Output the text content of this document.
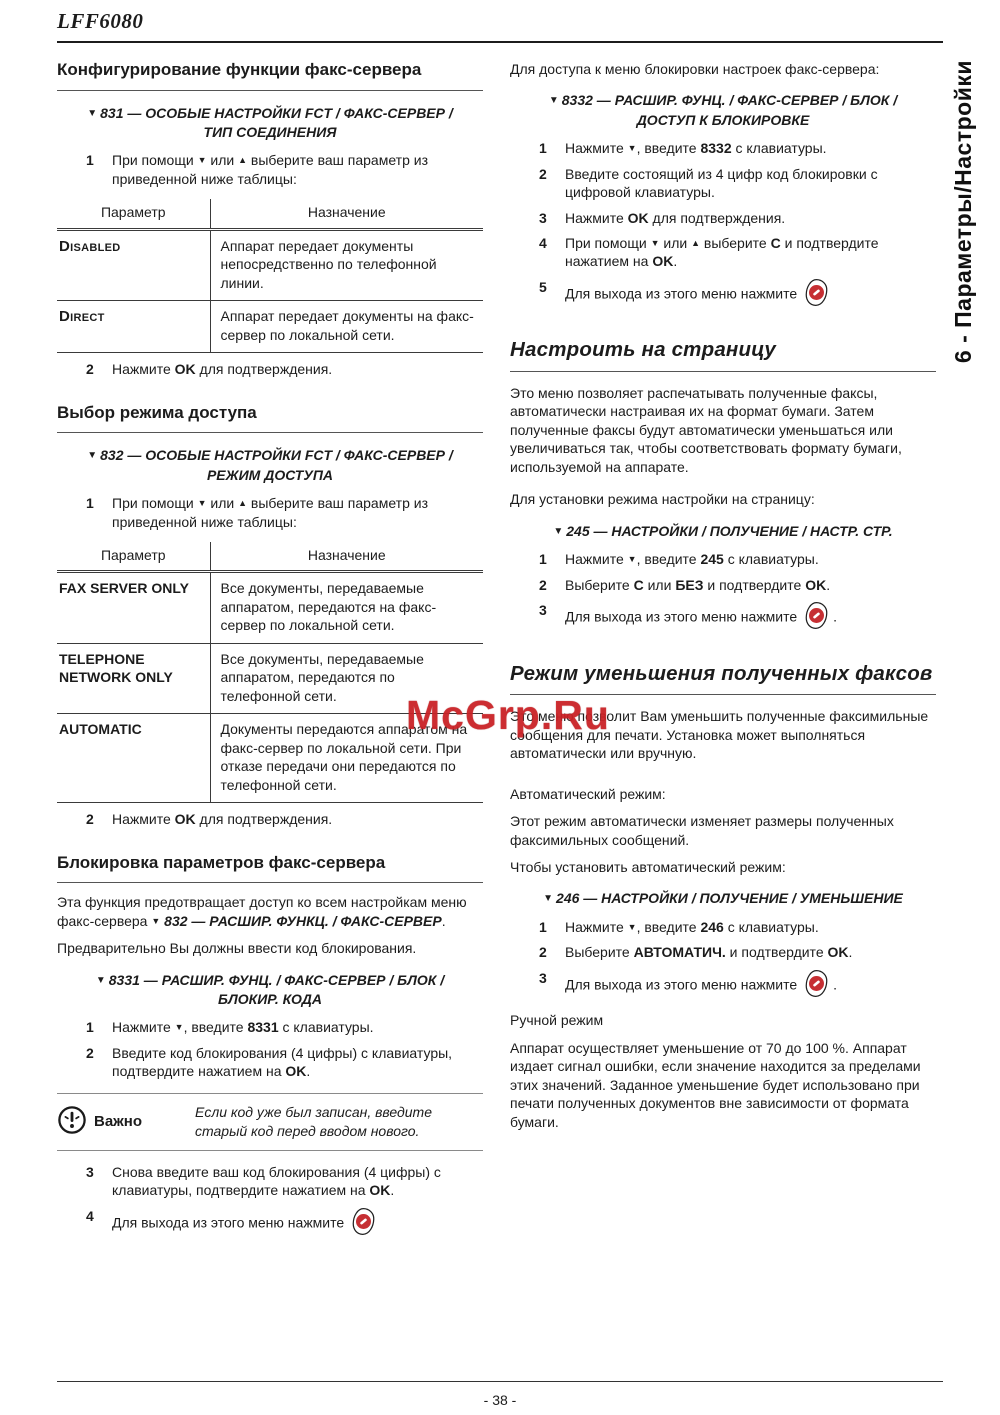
LFF6080
6 - Параметры/Настройки
McGrp.Ru
Конфигурирование функции факс-сервера

▼ 831 — ОСОБЫЕ НАСТРОЙКИ FCT / ФАКС-СЕРВЕР / ТИП СОЕДИНЕНИЯ

1	При помощи ▼ или ▲ выберите ваш параметр из приведенной ниже таблицы:
Параметр	Назначение
Disabled	Аппарат передает документы непосредственно по телефонной линии.
Direct	Аппарат передает документы на факс-сервер по локальной сети.
2	Нажмите OK для подтверждения.
Выбор режима доступа

▼ 832 — ОСОБЫЕ НАСТРОЙКИ FCT / ФАКС-СЕРВЕР / РЕЖИМ ДОСТУПА

1	При помощи ▼ или ▲ выберите ваш параметр из приведенной ниже таблицы:
Параметр	Назначение
FAX SERVER ONLY	Все документы, передаваемые аппаратом, передаются на факс-сервер по локальной сети.
TELEPHONE NETWORK ONLY	Все документы, передаваемые аппаратом, передаются по телефонной сети.
AUTOMATIC	Документы передаются аппаратом на факс-сервер по локальной сети. При отказе передачи они передаются по телефонной сети.
2	Нажмите OK для подтверждения.
Блокировка параметров факс-сервера

Эта функция предотвращает доступ ко всем настройкам меню факс-сервера ▼ 832 — РАСШИР. ФУНКЦ. / ФАКС-СЕРВЕР.

Предварительно Вы должны ввести код блокирования.

▼ 8331 — РАСШИР. ФУНЦ. / ФАКС-СЕРВЕР / БЛОК / БЛОКИР. КОДА

1	Нажмите ▼, введите 8331 с клавиатуры.
2	Введите код блокирования (4 цифры) с клавиатуры, подтвердите нажатием на OK.
Важно
Если код уже был записан, введите старый код перед вводом нового.
3	Снова введите ваш код блокирования (4 цифры) с клавиатуры, подтвердите нажатием на OK.
4	Для выхода из этого меню нажмите

Для доступа к меню блокировки настроек факс-сервера:

▼ 8332 — РАСШИР. ФУНЦ. / ФАКС-СЕРВЕР / БЛОК / ДОСТУП К БЛОКИРОВКЕ

1	Нажмите ▼, введите 8332 с клавиатуры.
2	Введите состоящий из 4 цифр код блокировки с цифровой клавиатуры.
3	Нажмите OK для подтверждения.
4	При помощи ▼ или ▲ выберите С и подтвердите нажатием на OK.
5	Для выхода из этого меню нажмите
Настроить на страницу

Это меню позволяет распечатывать полученные факсы, автоматически настраивая их на формат бумаги. Затем полученные факсы будут автоматически уменьшаться или увеличиваться так, чтобы соответствовать формату бумаги, используемой на аппарате.

Для установки режима настройки на страницу:

▼ 245 — НАСТРОЙКИ / ПОЛУЧЕНИЕ / НАСТР. СТР.

1	Нажмите ▼, введите 245 с клавиатуры.
2	Выберите С или БЕЗ и подтвердите OK.
3	Для выхода из этого меню нажмите	.
Режим уменьшения полученных факсов

Это меню позволит Вам уменьшить полученные факсимильные сообщения для печати. Установка может выполняться автоматически или вручную.

Автоматический режим:

Этот режим автоматически изменяет размеры полученных факсимильных сообщений.

Чтобы установить автоматический режим:

▼ 246 — НАСТРОЙКИ / ПОЛУЧЕНИЕ / УМЕНЬШЕНИЕ

1	Нажмите ▼, введите 246 с клавиатуры.
2	Выберите АВТОМАТИЧ. и подтвердите OK.
3	Для выхода из этого меню нажмите	.

Ручной режим

Аппарат осуществляет уменьшение от 70 до 100 %. Аппарат издает сигнал ошибки, если значение находится за пределами этих значений. Заданное уменьшение будет использовано при печати полученных документов вне зависимости от формата бумаги.

- 38 -
